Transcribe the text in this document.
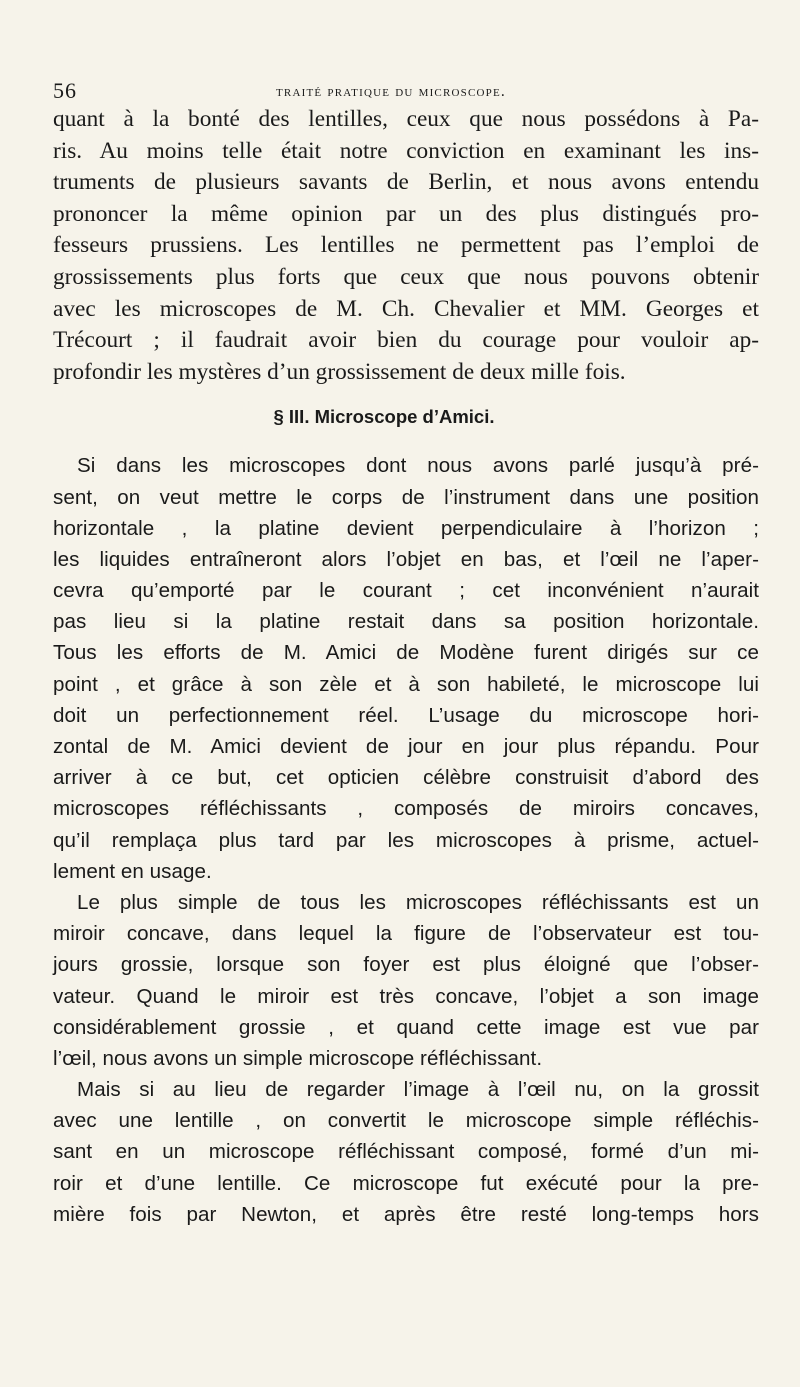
56	traité pratique du microscope.
quant à la bonté des lentilles, ceux que nous possédons à Pa-
ris. Au moins telle était notre conviction en examinant les ins-
truments de plusieurs savants de Berlin, et nous avons entendu
prononcer la même opinion par un des plus distingués pro-
fesseurs prussiens. Les lentilles ne permettent pas l’emploi de
grossissements plus forts que ceux que nous pouvons obtenir
avec les microscopes de M. Ch. Chevalier et MM. Georges et
Trécourt ; il faudrait avoir bien du courage pour vouloir ap-
profondir les mystères d’un grossissement de deux mille fois.
§ III. Microscope d’Amici.
Si dans les microscopes dont nous avons parlé jusqu’à pré-
sent, on veut mettre le corps de l’instrument dans une position
horizontale , la platine devient perpendiculaire à l’horizon ;
les liquides entraîneront alors l’objet en bas, et l’œil ne l’aper-
cevra qu’emporté par le courant ; cet inconvénient n’aurait
pas lieu si la platine restait dans sa position horizontale.
Tous les efforts de M. Amici de Modène furent dirigés sur ce
point , et grâce à son zèle et à son habileté, le microscope lui
doit un perfectionnement réel. L’usage du microscope hori-
zontal de M. Amici devient de jour en jour plus répandu. Pour
arriver à ce but, cet opticien célèbre construisit d’abord des
microscopes réfléchissants , composés de miroirs concaves,
qu’il remplaça plus tard par les microscopes à prisme, actuel-
lement en usage.
Le plus simple de tous les microscopes réfléchissants est un
miroir concave, dans lequel la figure de l’observateur est tou-
jours grossie, lorsque son foyer est plus éloigné que l’obser-
vateur. Quand le miroir est très concave, l’objet a son image
considérablement grossie , et quand cette image est vue par
l’œil, nous avons un simple microscope réfléchissant.
Mais si au lieu de regarder l’image à l’œil nu, on la grossit
avec une lentille , on convertit le microscope simple réfléchis-
sant en un microscope réfléchissant composé, formé d’un mi-
roir et d’une lentille. Ce microscope fut exécuté pour la pre-
mière fois par Newton, et après être resté long-temps hors
